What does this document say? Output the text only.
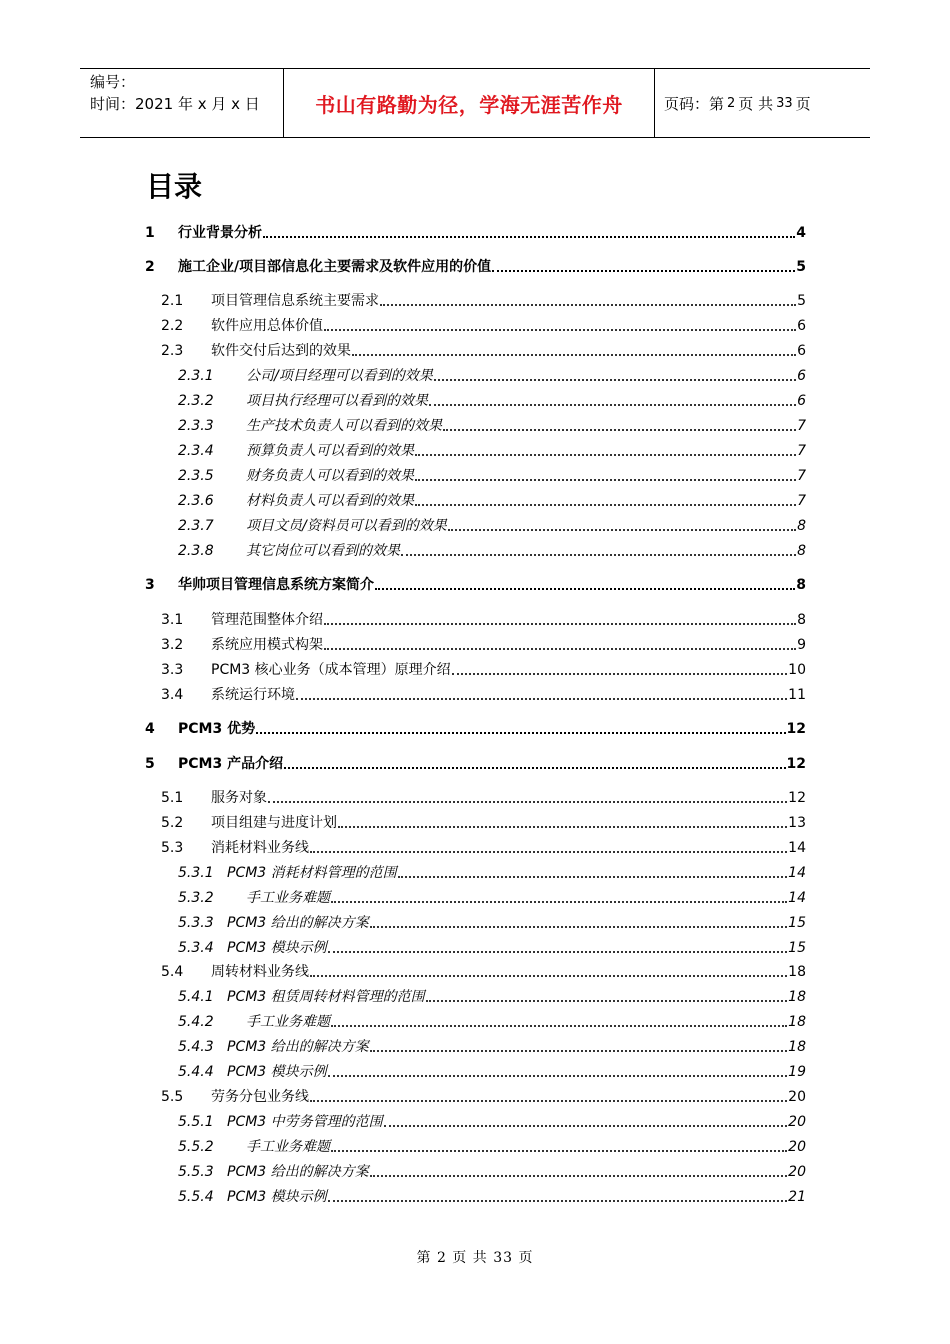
编号：
时间：2021 年 x 月 x 日	书山有路勤为径，学海无涯苦作舟	页码：第 2 页 共 33 页
目录
1 行业背景分析	4
2 施工企业/项目部信息化主要需求及软件应用的价值	5
2.1 项目管理信息系统主要需求	5
2.2 软件应用总体价值	6
2.3 软件交付后达到的效果	6
2.3.1 公司/项目经理可以看到的效果	6
2.3.2 项目执行经理可以看到的效果	6
2.3.3 生产技术负责人可以看到的效果	7
2.3.4 预算负责人可以看到的效果	7
2.3.5 财务负责人可以看到的效果	7
2.3.6 材料负责人可以看到的效果	7
2.3.7 项目文员/资料员可以看到的效果	8
2.3.8 其它岗位可以看到的效果	8
3 华帅项目管理信息系统方案简介	8
3.1 管理范围整体介绍	8
3.2 系统应用模式构架	9
3.3 PCM3 核心业务（成本管理）原理介绍	10
3.4 系统运行环境	11
4 PCM3 优势	12
5 PCM3 产品介绍	12
5.1 服务对象	12
5.2 项目组建与进度计划	13
5.3 消耗材料业务线	14
5.3.1 PCM3 消耗材料管理的范围	14
5.3.2 手工业务难题	14
5.3.3 PCM3 给出的解决方案	15
5.3.4 PCM3 模块示例	15
5.4 周转材料业务线	18
5.4.1 PCM3 租赁周转材料管理的范围	18
5.4.2 手工业务难题	18
5.4.3 PCM3 给出的解决方案	18
5.4.4 PCM3 模块示例	19
5.5 劳务分包业务线	20
5.5.1 PCM3 中劳务管理的范围	20
5.5.2 手工业务难题	20
5.5.3 PCM3 给出的解决方案	20
5.5.4 PCM3 模块示例	21
第 2 页 共 33 页
